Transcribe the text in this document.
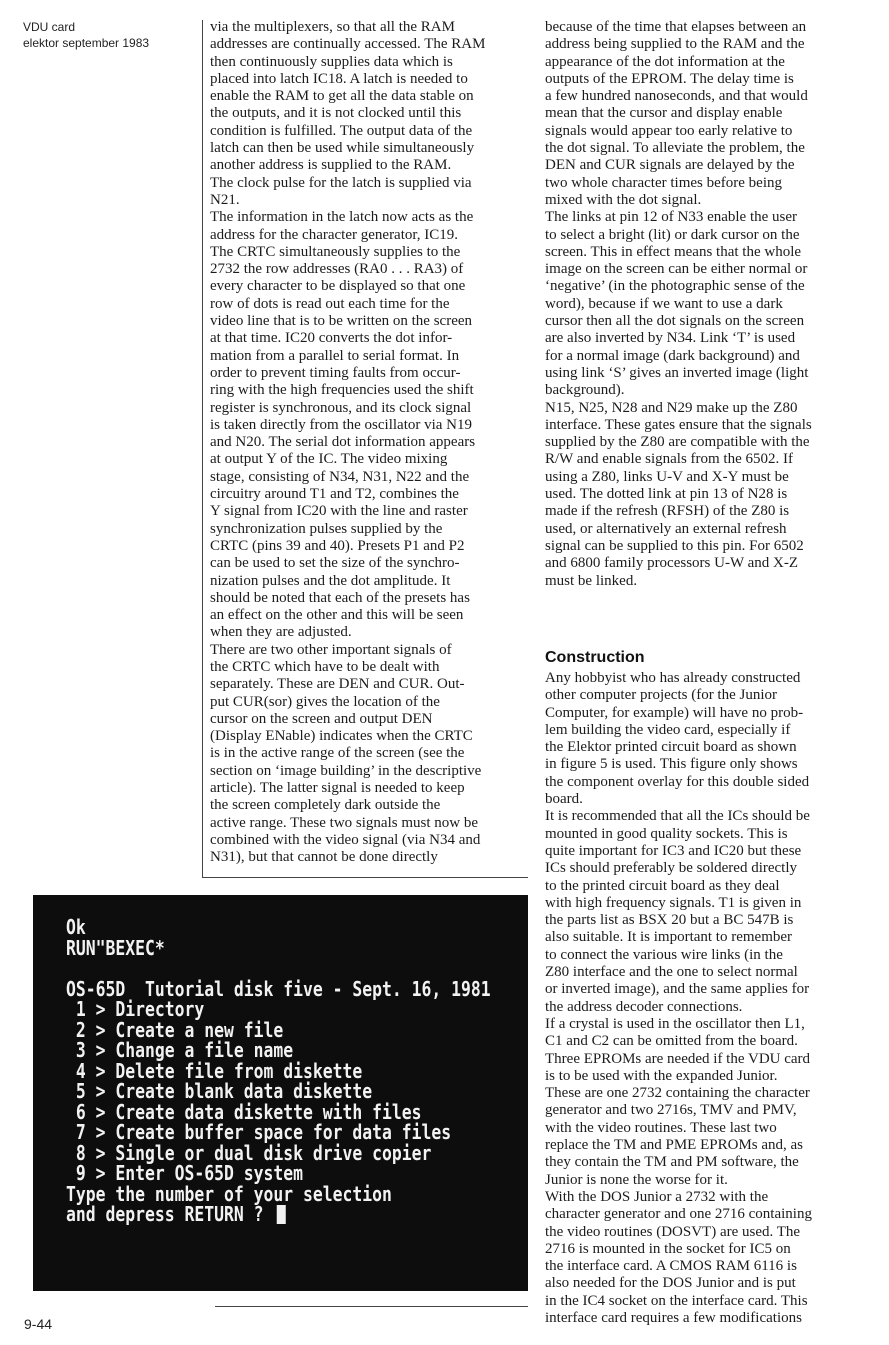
VDU card
elektor september 1983

via the multiplexers, so that all the RAM
addresses are continually accessed. The RAM
then continuously supplies data which is
placed into latch IC18. A latch is needed to
enable the RAM to get all the data stable on
the outputs, and it is not clocked until this
condition is fulfilled. The output data of the
latch can then be used while simultaneously
another address is supplied to the RAM.
The clock pulse for the latch is supplied via
N21.

The information in the latch now acts as the
address for the character generator, IC19.
The CRTC simultaneously supplies to the
2732 the row addresses (RA0 . . . RA3) of
every character to be displayed so that one
row of dots is read out each time for the
video line that is to be written on the screen
at that time. IC20 converts the dot infor-
mation from a parallel to serial format. In
order to prevent timing faults from occur-
ring with the high frequencies used the shift
register is synchronous, and its clock signal
is taken directly from the oscillator via N19
and N20. The serial dot information appears
at output Y of the IC. The video mixing
stage, consisting of N34, N31, N22 and the
circuitry around T1 and T2, combines the
Y signal from IC20 with the line and raster
synchronization pulses supplied by the
CRTC (pins 39 and 40). Presets P1 and P2
can be used to set the size of the synchro-
nization pulses and the dot amplitude. It
should be noted that each of the presets has
an effect on the other and this will be seen
when they are adjusted.

There are two other important signals of
the CRTC which have to be dealt with
separately. These are DEN and CUR. Out-
put CUR(sor) gives the location of the
cursor on the screen and output DEN
(Display ENable) indicates when the CRTC
is in the active range of the screen (see the
section on ‘image building’ in the descriptive
article). The latter signal is needed to keep
the screen completely dark outside the
active range. These two signals must now be
combined with the video signal (via N34 and
N31), but that cannot be done directly

because of the time that elapses between an
address being supplied to the RAM and the
appearance of the dot information at the
outputs of the EPROM. The delay time is
a few hundred nanoseconds, and that would
mean that the cursor and display enable
signals would appear too early relative to
the dot signal. To alleviate the problem, the
DEN and CUR signals are delayed by the
two whole character times before being
mixed with the dot signal.

The links at pin 12 of N33 enable the user
to select a bright (lit) or dark cursor on the
screen. This in effect means that the whole
image on the screen can be either normal or
‘negative’ (in the photographic sense of the
word), because if we want to use a dark
cursor then all the dot signals on the screen
are also inverted by N34. Link ‘T’ is used
for a normal image (dark background) and
using link ‘S’ gives an inverted image (light
background).

N15, N25, N28 and N29 make up the Z80
interface. These gates ensure that the signals
supplied by the Z80 are compatible with the
R/W and enable signals from the 6502. If
using a Z80, links U-V and X-Y must be
used. The dotted link at pin 13 of N28 is
made if the refresh (RFSH) of the Z80 is
used, or alternatively an external refresh
signal can be supplied to this pin. For 6502
and 6800 family processors U-W and X-Z
must be linked.

Construction

Any hobbyist who has already constructed
other computer projects (for the Junior
Computer, for example) will have no prob-
lem building the video card, especially if
the Elektor printed circuit board as shown
in figure 5 is used. This figure only shows
the component overlay for this double sided
board.

It is recommended that all the ICs should be
mounted in good quality sockets. This is
quite important for IC3 and IC20 but these
ICs should preferably be soldered directly
to the printed circuit board as they deal
with high frequency signals. T1 is given in
the parts list as BSX 20 but a BC 547B is
also suitable. It is important to remember
to connect the various wire links (in the
Z80 interface and the one to select normal
or inverted image), and the same applies for
the address decoder connections.

If a crystal is used in the oscillator then L1,
C1 and C2 can be omitted from the board.
Three EPROMs are needed if the VDU card
is to be used with the expanded Junior.
These are one 2732 containing the character
generator and two 2716s, TMV and PMV,
with the video routines. These last two
replace the TM and PME EPROMs and, as
they contain the TM and PM software, the
Junior is none the worse for it.

With the DOS Junior a 2732 with the
character generator and one 2716 containing
the video routines (DOSVT) are used. The
2716 is mounted in the socket for IC5 on
the interface card. A CMOS RAM 6116 is
also needed for the DOS Junior and is put
in the IC4 socket on the interface card. This
interface card requires a few modifications

Ok
RUN"BEXEC*
OS-65D  Tutorial disk five - Sept. 16, 1981
1 > Directory
2 > Create a new file
3 > Change a file name
4 > Delete file from diskette
5 > Create blank data diskette
6 > Create data diskette with files
7 > Create buffer space for data files
8 > Single or dual disk drive copier
9 > Enter OS-65D system
Type the number of your selection
and depress RETURN ?
9-44
